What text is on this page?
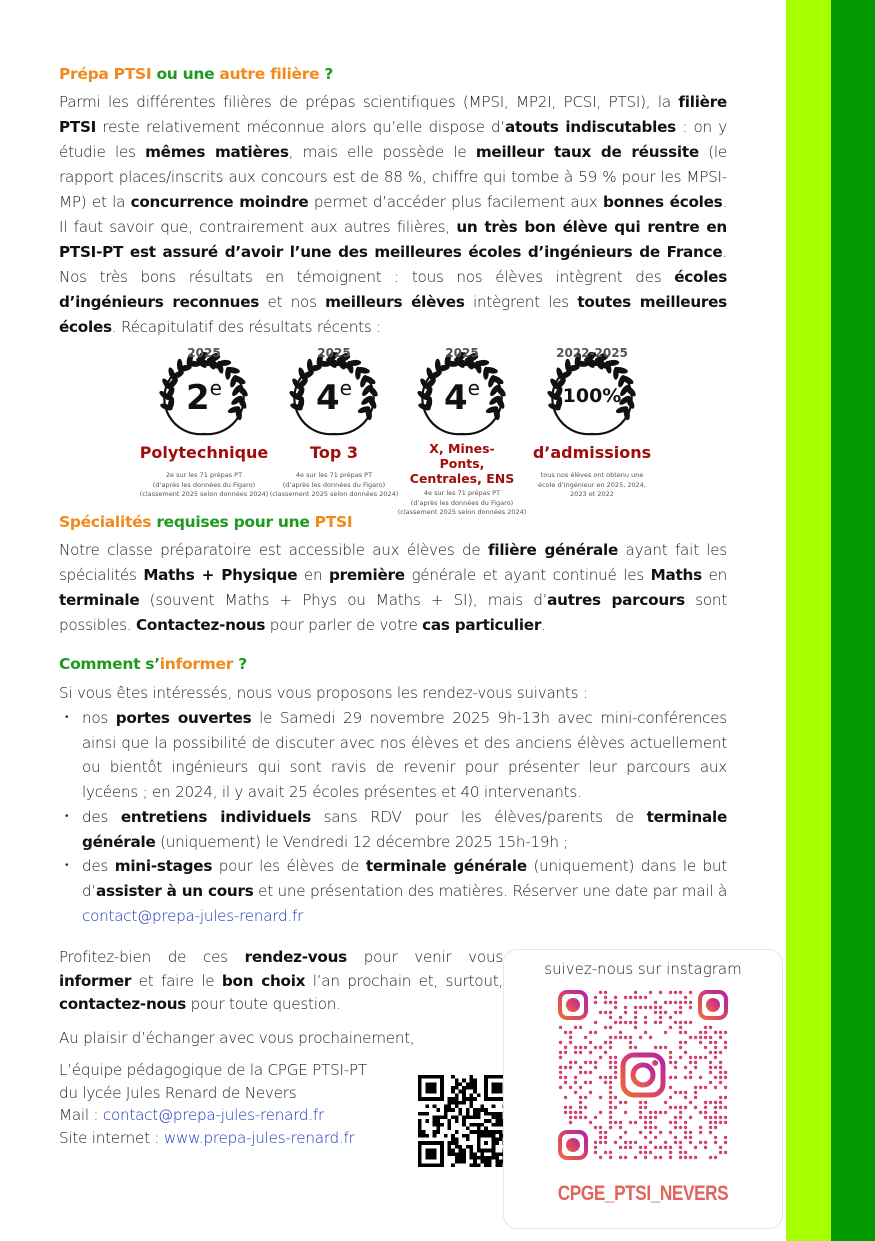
Prépa PTSI ou une autre filière ?

Parmi les différentes filières de prépas scientifiques (MPSI, MP2I, PCSI, PTSI), la filière PTSI reste relativement méconnue alors qu’elle dispose d’atouts indiscutables : on y étudie les mêmes matières, mais elle possède le meilleur taux de réussite (le rapport places/inscrits aux concours est de 88 %, chiffre qui tombe à 59 % pour les MPSI-MP) et la concurrence moindre permet d’accéder plus facilement aux bonnes écoles. Il faut savoir que, contrairement aux autres filières, un très bon élève qui rentre en PTSI-PT est assuré d’avoir l’une des meilleures écoles d’ingénieurs de France. Nos très bons résultats en témoignent : tous nos élèves intègrent des écoles d’ingénieurs reconnues et nos meilleurs élèves intègrent les toutes meilleures écoles. Récapitulatif des résultats récents :

2025
2e
Polytechnique
2e sur les 71 prépas PT
(d’après les données du Figaro)
(classement 2025 selon données 2024)
2025
4e
Top 3
4e sur les 71 prépas PT
(d’après les données du Figaro)
(classement 2025 selon données 2024)
2025
4e
X, Mines-Ponts, Centrales, ENS
4e sur les 71 prépas PT
(d’après les données du Figaro)
(classement 2025 selon données 2024)
2022-2025
100%
d’admissions
tous nos élèves ont obtenu une
école d’ingénieur en 2025, 2024,
2023 et 2022
Spécialités requises pour une PTSI

Notre classe préparatoire est accessible aux élèves de filière générale ayant fait les spécialités Maths + Physique en première générale et ayant continué les Maths en terminale (souvent Maths + Phys ou Maths + SI), mais d’autres parcours sont possibles. Contactez-nous pour parler de votre cas particulier.

Comment s’informer ?

Si vous êtes intéressés, nous vous proposons les rendez-vous suivants :

• nos portes ouvertes le Samedi 29 novembre 2025 9h-13h avec mini-conférences ainsi que la possibilité de discuter avec nos élèves et des anciens élèves actuellement ou bientôt ingénieurs qui sont ravis de revenir pour présenter leur parcours aux lycéens ; en 2024, il y avait 25 écoles présentes et 40 intervenants.
• des entretiens individuels sans RDV pour les élèves/parents de terminale générale (uniquement) le Vendredi 12 décembre 2025 15h-19h ;
• des mini-stages pour les élèves de terminale générale (uniquement) dans le but d’assister à un cours et une présentation des matières. Réserver une date par mail à contact@prepa-jules-renard.fr

Profitez-bien de ces rendez-vous pour venir vous informer et faire le bon choix l’an prochain et, surtout, contactez-nous pour toute question.

Au plaisir d’échanger avec vous prochainement,

L’équipe pédagogique de la CPGE PTSI-PT

du lycée Jules Renard de Nevers

Mail : contact@prepa-jules-renard.fr

Site internet : www.prepa-jules-renard.fr

suivez-nous sur instagram
CPGE_PTSI_NEVERS
